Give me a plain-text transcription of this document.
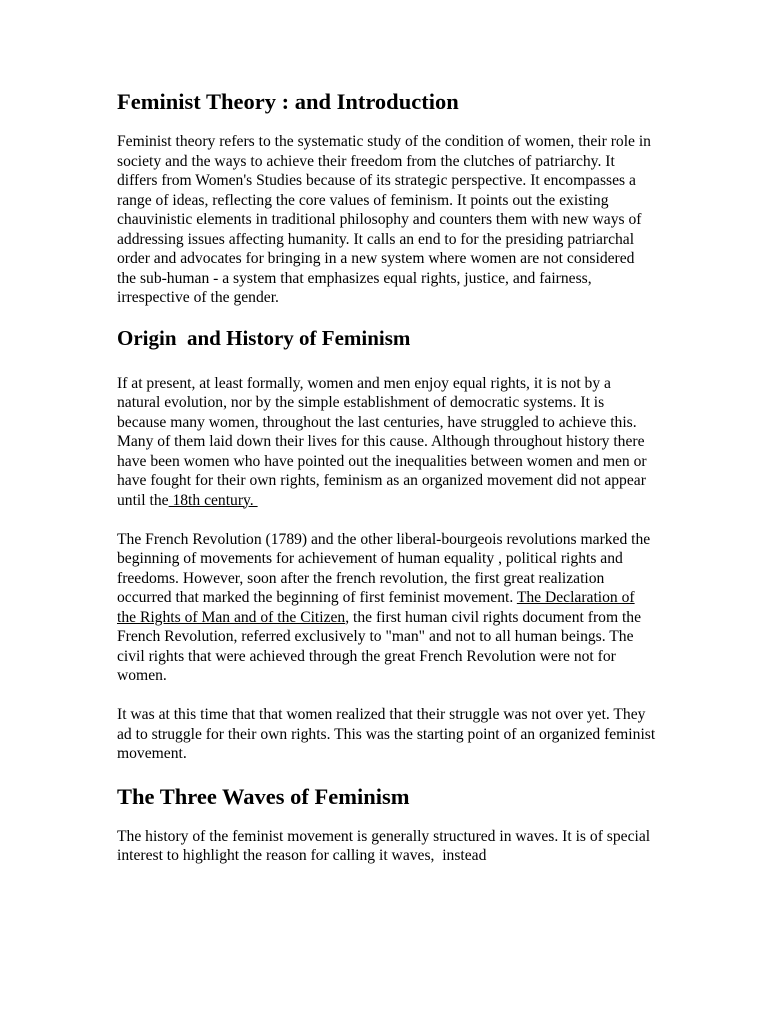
Feminist Theory : and Introduction

Feminist theory refers to the systematic study of the condition of women, their role in society and the ways to achieve their freedom from the clutches of patriarchy. It differs from Women's Studies because of its strategic perspective. It encompasses a range of ideas, reflecting the core values of feminism. It points out the existing chauvinistic elements in traditional philosophy and counters them with new ways of addressing issues affecting humanity. It calls an end to for the presiding patriarchal order and advocates for bringing in a new system where women are not considered the sub-human - a system that emphasizes equal rights, justice, and fairness, irrespective of the gender.

Origin  and History of Feminism

If at present, at least formally, women and men enjoy equal rights, it is not by a natural evolution, nor by the simple establishment of democratic systems. It is because many women, throughout the last centuries, have struggled to achieve this. Many of them laid down their lives for this cause. Although throughout history there have been women who have pointed out the inequalities between women and men or have fought for their own rights, feminism as an organized movement did not appear until the 18th century.

The French Revolution (1789) and the other liberal-bourgeois revolutions marked the beginning of movements for achievement of human equality , political rights and freedoms. However, soon after the french revolution, the first great realization occurred that marked the beginning of first feminist movement. The Declaration of the Rights of Man and of the Citizen, the first human civil rights document from the French Revolution, referred exclusively to "man" and not to all human beings. The civil rights that were achieved through the great French Revolution were not for women.

It was at this time that that women realized that their struggle was not over yet. They ad to struggle for their own rights. This was the starting point of an organized feminist movement.

The Three Waves of Feminism

The history of the feminist movement is generally structured in waves. It is of special interest to highlight the reason for calling it waves,  instead
